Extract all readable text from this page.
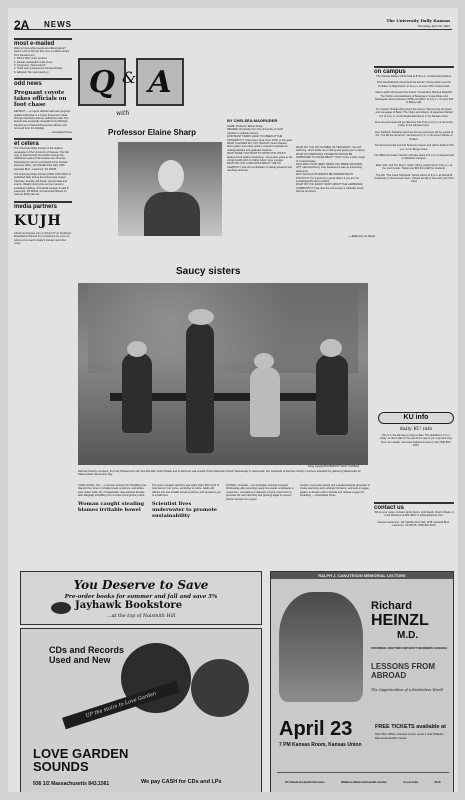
2A NEWS	The University Daily Kansan
Thursday, April 19, 2007
most e-mailed
Want to know what people are talking about? Here's a list of the top five most e-mailed stories from Kansan.com:
1. Who's Who: Kelly Jenkins
2. Kansas declaration finds home
3. Jorgensen: Need a Rush
4. Track team prepares for Kansas Relays
5. Editorial: We must stand up
odd news
Pregnant coyote takes officials on foot chase
DETROIT — A coyote officials said was pregnant eluded authorities in a nearly three-hour chase through downtown Detroit, authorities said. The animal was eventually tranquilized by Michigan Department of Natural Resources officers and removed from the building.
— Associated Press
et cetera
The University Daily Kansan is the student newspaper of the University of Kansas. The first copy is paid through the student activity fee. Additional copies of the Kansan are 25 cents. Subscriptions can be purchased at the Kansan business office, 119 Stauffer-Flint Hall, 1435 Jayhawk Blvd., Lawrence, KS 66045.
The University Daily Kansan (ISSN 0746-4967) is published daily during the school year except Saturday, Sunday, fall break, spring break and exams. Weekly during the summer session excluding holidays. Periodical postage is paid in Lawrence, KS 66044. Annual subscriptions by mail are $120 plus tax.
media partners
KUJH
Check out Kansan.com or KUJH-TV on Sunflower Broadband Channel 31 in Lawrence for more on what you've read in today's Kansan and other news.
Q & A
with
Professor Elaine Sharp
BY CHELSEA MAGRUDER
NAME: Professor Elaine Sharp
DEGREE: Doctorate from the University of North Carolina in political science
HOW MANY YEARS HAVE YOU BEEN AT THE UNIVERSITY? I have been here since 1978, or 29 years.
WHAT CLASSES DO YOU TEACH? I teach classes about policy and urban politics, research methods for undergraduates and graduate students.
WHAT MADE YOU WANT TO STUDY POLITICS? I always found politics interesting. I remember going to the voting booths with my father when I was younger.
WHAT DO YOU LOVE MOST ABOUT THE KU CAMPUS? I love the combination of taking research and teaching seriously.
WHAT DO YOU DO OUTSIDE OF TEACHING? I do bird watching, which leads me to hiking and getting out in nature.
WHAT IS SOMETHING STUDENTS WOULD BE SURPRISED TO KNOW ABOUT YOU? I have a wide range of musical tastes.
WHO WAS YOUR HERO WHEN YOU WERE GROWING UP? I admired Henry Clay because he was an interesting statesman.
WHY SHOULD STUDENTS BE INTERESTED IN POLITICS? You cannot be a good citizen if you are not knowledgeable about politics.
WHAT DO YOU ENJOY MOST ABOUT THE LAWRENCE COMMUNITY? I like how the community is culturally active, diverse and lively.
— Edited by Ja Sarah
on campus
The Kansas Relays will be held at 8:30 a.m. at Memorial Stadium.
Prof. David Eberth will present the lecture "Consumption and the Problem of Objectivism" at 12 p.m. at room 706 in Fraser Hall.
Stacy Loisch will present the lecture "Costa Rica: Banana Republic: The Politics and Aesthetics of Bananas in Costa Rican and Nicaraguan documentaries (1970s and 80s)" at 12 p.m. at room 318 in Bailey Hall.
Dr. Andrew Tsubaki will present the lecture "Discovering the Heart and Language of Budo: The Origin and History of Japanese Martial Art" at 12 p.m. at the Regionalist Room in the Kansas Union.
Free tea and treats will be offered at Tea Time at 3 p.m. at the Union Lobby in the Kansas Union.
Gov. Kathleen Sebelius and three former governors will be guests at the "You Be the Governor" seminar at 4 p.m. in the Dole Institute of Politics.
The Environmental and Life Sciences Career Fair will be held at 4:30 p.m. in the Burge Union.
The MBA Information Session will take place at 6 p.m. in Regnier Hall on Edwards Campus.
Elton John and Tim Rice's "AIDA" will be performed at 7:30 p.m. at the Lied Center. Tickets are $19.50 to $26 for students.
The film "The Good Shepherd" will be shown at 8 p.m. at Woodruff Auditorium in the Kansas Union. Tickets are $2 or free with your SUA Card.
KU info
daily KU info
This is it, the last day to drop a class. The deadline is 5 p.m. today, so don't wait for the end of the day or you may face long lines. For details, visit www.registrar.ku.edu or call (785) 864-4423.
Saucy sisters
Doug Gregan/UNIVERSITY DAILY KANSAN
Red Hat Society members, from left, Barbara Ann Hill, Sue Brendler, Ruth Prickett and Jo McCune wait outside Trinity Methodist Church Wednesday in Gainesville, Fla. Hundreds of Red Hat Society members attended the gathering Wednesday for National Red Hat Society Day.
CAPE CORAL, Fla. — A woman arrested for shoplifting has blamed the crime on irritable bowel syndrome, authorities said. Helen Gallo, 81, of Clearwater, was arrested Sunday after allegedly shoplifting from a Cape Coral grocery store.
Woman caught stealing blames irritable bowel
The store manager said they saw Gallo place $26 worth of food items in her purse, according to police. Gallo told officers she has irritable bowel syndrome and needed to get to a bathroom.
Scientist lives underwater to promote sustainability
SYDNEY, Australia — An Australian scientist emerged Wednesday after spending nearly two weeks underwater in a steel box, completing a stationary bicycle experiment to generate his own electricity and growing algae to convert carbon dioxide into oxygen.
Godson used solar panels and a pedal-powered generator to create electricity and recharge his laptop, and kept an algae garden to absorb carbon dioxide and release oxygen for breathing. — Associated Press
contact us
Tell us your news. Contact Jamie Storm, Erik Starch, Darrin Shade or Amie McGlone at 864-4810 or editor@kansan.com.
Kansan newsroom, 111 Stauffer-Flint Hall, 1435 Jayhawk Blvd., Lawrence, KS 66045, (785) 864-4810
You Deserve to Save
Pre-order books for summer and fall and save 5%
Jayhawk Bookstore
...at the top of Naismith Hill
CDs and Records
Used and New
UP the stairs to Love Garden
LOVE GARDEN
SOUNDS
936 1/2 Massachusetts 843.1561	We pay CASH for CDs and LPs
RALPH J. CANUTESON MEMORIAL LECTURE
Richard
HEINZL
M.D.
FOUNDER, DOCTORS WITHOUT BORDERS CANADA
LESSONS FROM ABROAD
The Opportunities of a Borderless World
April 23
7 PM Kansas Room, Kansas Union
FREE TICKETS available at
SUA Box Office, Kansas Union Level 4 and Watkins Memorial Health Center
KU Student Health Services	Watkins Memorial Health Center	Coca-Cola	SUA
